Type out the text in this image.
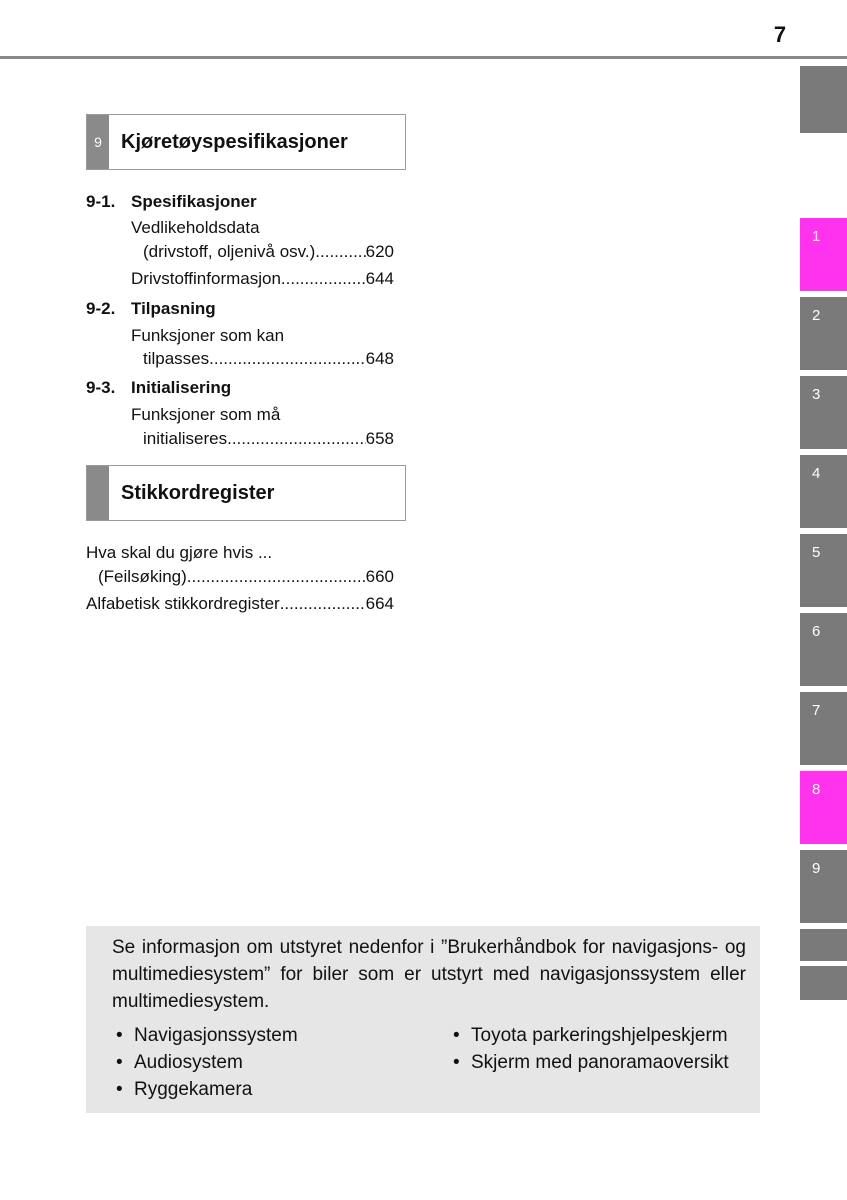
7
1
2
3
4
5
6
7
8
9
9 Kjøretøyspesifikasjoner
9-1. Spesifikasjoner
Vedlikeholdsdata
(drivstoff, oljenivå osv.) .....	620
Drivstoffinformasjon .....	644
9-2. Tilpasning
Funksjoner som kan
tilpasses .....	648
9-3. Initialisering
Funksjoner som må
initialiseres .....	658
Stikkordregister
Hva skal du gjøre hvis ...
(Feilsøking) .....	660
Alfabetisk stikkordregister .....	664
Se informasjon om utstyret nedenfor i ”Brukerhåndbok for navigasjons- og multimediesystem” for biler som er utstyrt med navigasjonssystem eller multimediesystem.
• Navigasjonssystem
• Audiosystem
• Ryggekamera
• Toyota parkeringshjelpeskjerm
• Skjerm med panoramaoversikt
